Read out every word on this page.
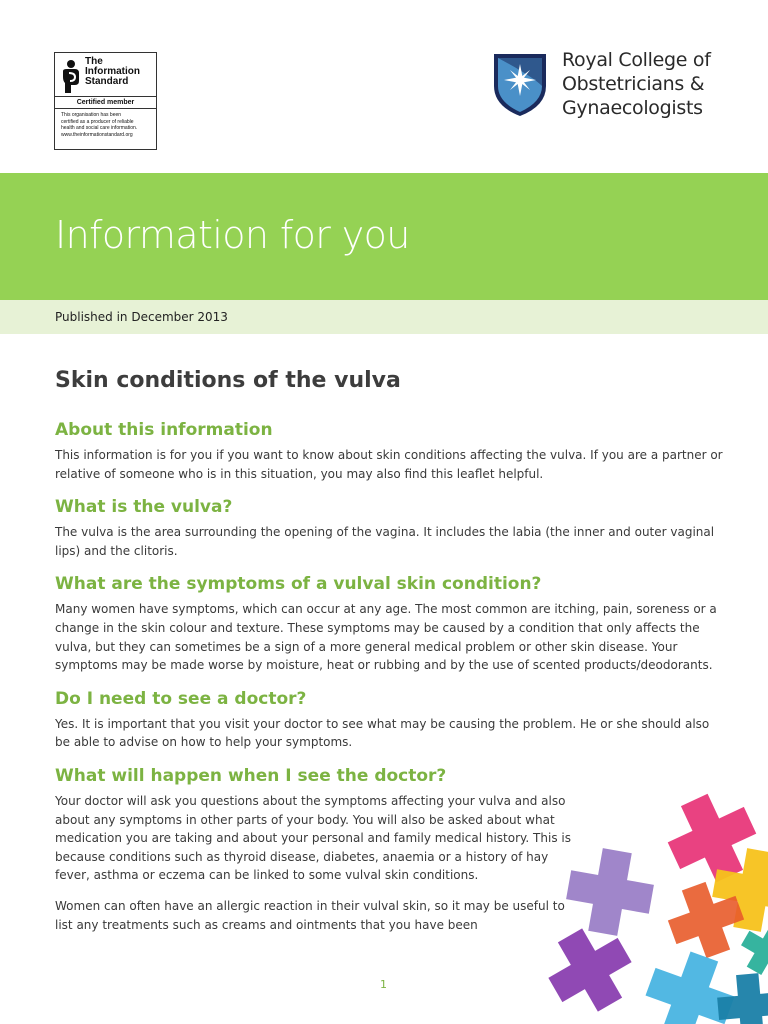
The
Information
Standard
Certified member
This organisation has been
certified as a producer of reliable
health and social care information.
www.theinformationstandard.org
Royal College of
Obstetricians &
Gynaecologists
Information for you
Published in December 2013
Skin conditions of the vulva
About this information

This information is for you if you want to know about skin conditions affecting the vulva. If you are a partner or relative of someone who is in this situation, you may also find this leaflet helpful.

What is the vulva?

The vulva is the area surrounding the opening of the vagina. It includes the labia (the inner and outer vaginal lips) and the clitoris.

What are the symptoms of a vulval skin condition?

Many women have symptoms, which can occur at any age. The most common are itching, pain, soreness or a change in the skin colour and texture. These symptoms may be caused by a condition that only affects the vulva, but they can sometimes be a sign of a more general medical problem or other skin disease. Your symptoms may be made worse by moisture, heat or rubbing and by the use of scented products/deodorants.

Do I need to see a doctor?

Yes. It is important that you visit your doctor to see what may be causing the problem. He or she should also be able to advise on how to help your symptoms.

What will happen when I see the doctor?

Your doctor will ask you questions about the symptoms affecting your vulva and also about any symptoms in other parts of your body. You will also be asked about what medication you are taking and about your personal and family medical history. This is because conditions such as thyroid disease, diabetes, anaemia or a history of hay fever, asthma or eczema can be linked to some vulval skin conditions.

Women can often have an allergic reaction in their vulval skin, so it may be useful to list any treatments such as creams and ointments that you have been

1
